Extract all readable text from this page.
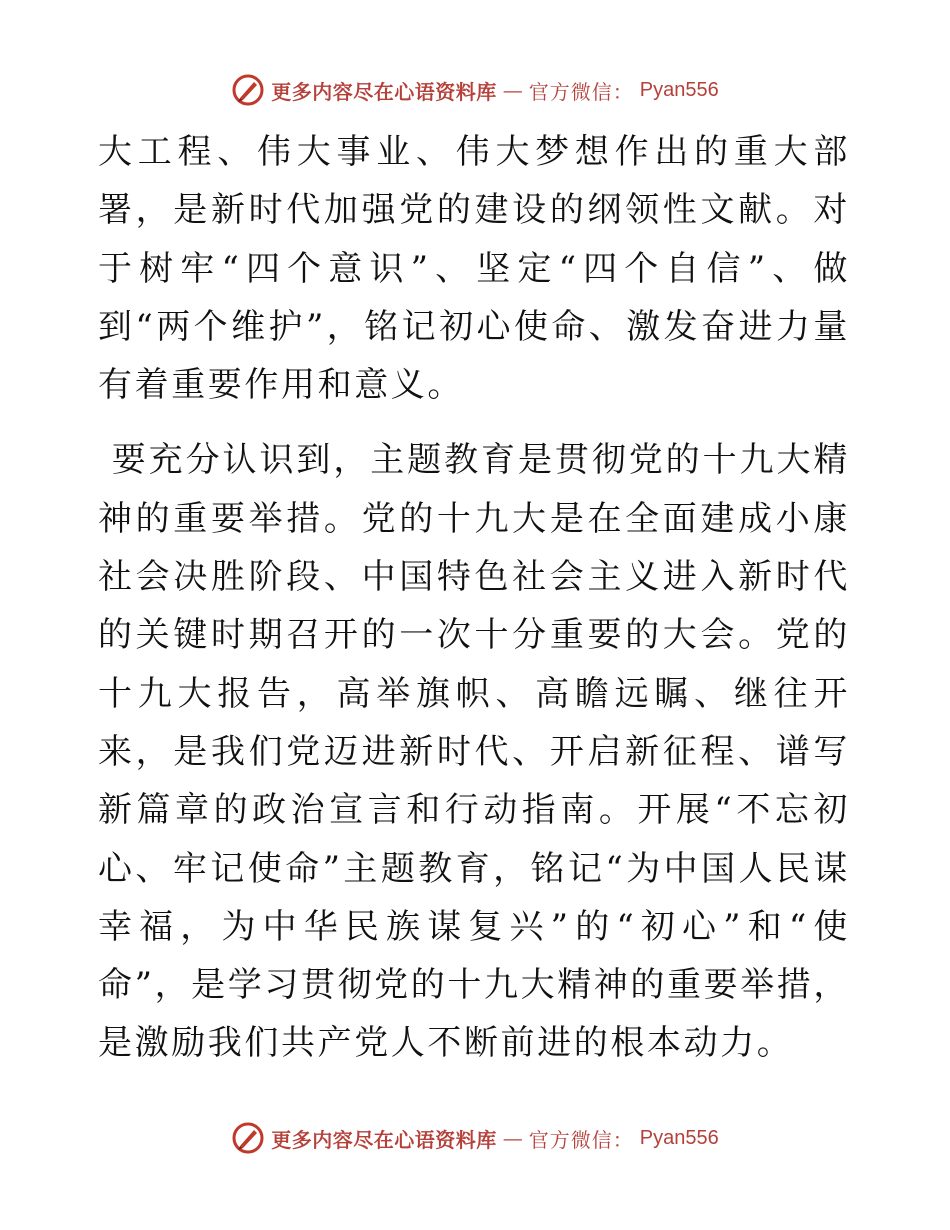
更多内容尽在心语资料库 — 官方微信： Pyan556

大工程、伟大事业、伟大梦想作出的重大部署，是新时代加强党的建设的纲领性文献。对于树牢“四个意识”、坚定“四个自信”、做到“两个维护”，铭记初心使命、激发奋进力量有着重要作用和意义。

要充分认识到，主题教育是贯彻党的十九大精神的重要举措。党的十九大是在全面建成小康社会决胜阶段、中国特色社会主义进入新时代的关键时期召开的一次十分重要的大会。党的十九大报告，高举旗帜、高瞻远瞩、继往开来，是我们党迈进新时代、开启新征程、谱写新篇章的政治宣言和行动指南。开展“不忘初心、牢记使命”主题教育，铭记“为中国人民谋幸福，为中华民族谋复兴”的“初心”和“使命”，是学习贯彻党的十九大精神的重要举措，是激励我们共产党人不断前进的根本动力。

更多内容尽在心语资料库 — 官方微信： Pyan556
